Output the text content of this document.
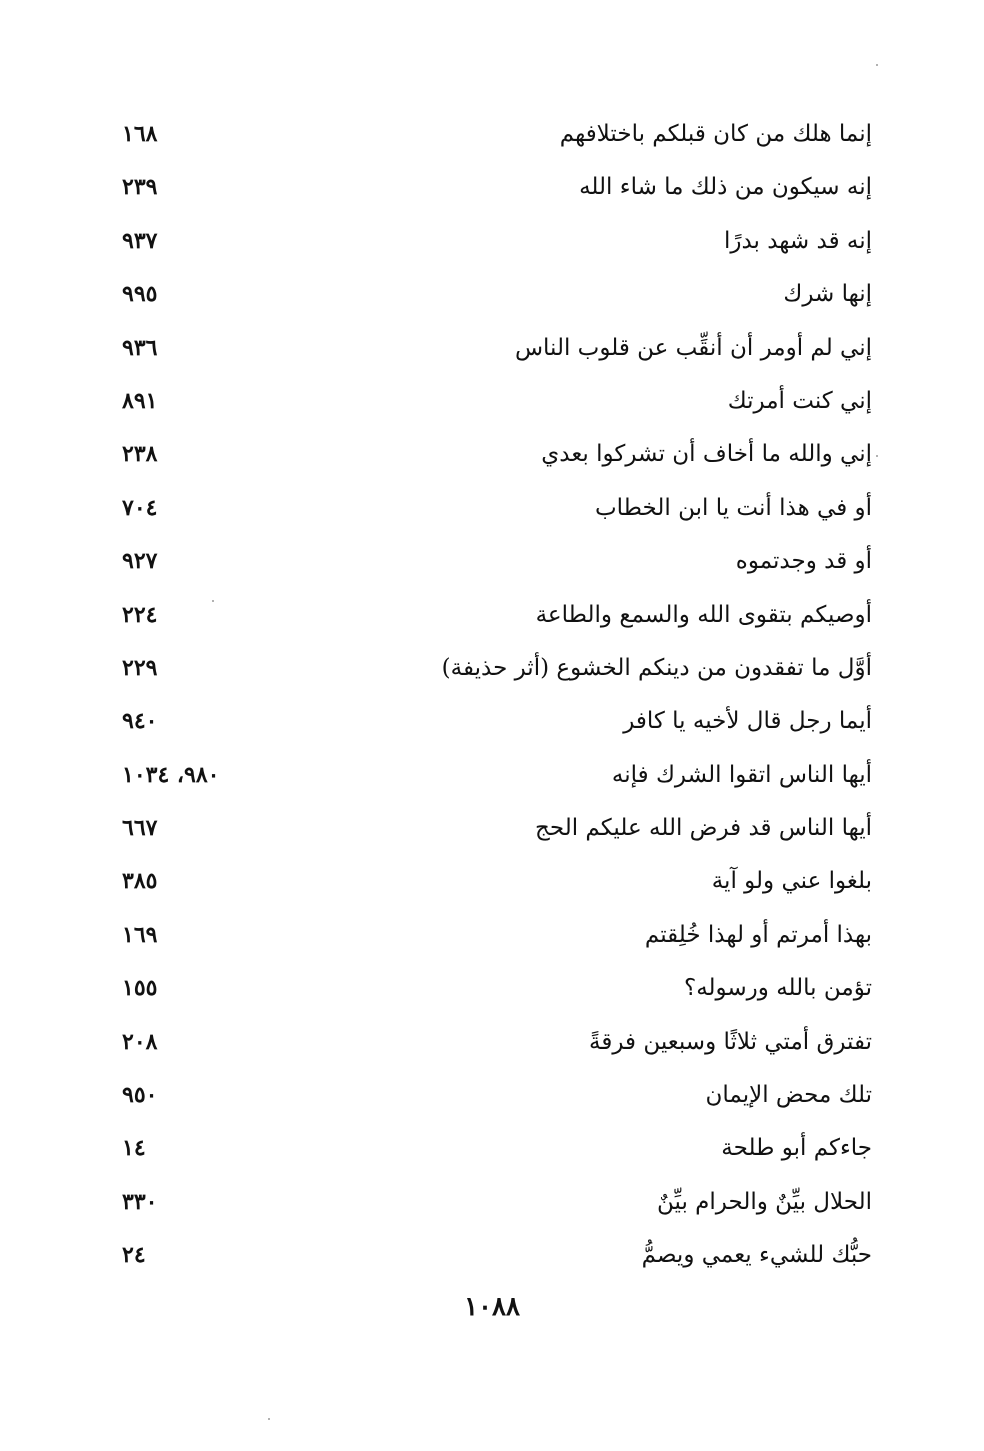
إنما هلك من كان قبلكم باختلافهم
١٦٨
إنه سيكون من ذلك ما شاء الله
٢٣٩
إنه قد شهد بدرًا
٩٣٧
إنها شرك
٩٩٥
إني لم أومر أن أنقِّب عن قلوب الناس
٩٣٦
إني كنت أمرتك
٨٩١
إني والله ما أخاف أن تشركوا بعدي
٢٣٨
أو في هذا أنت يا ابن الخطاب
٧٠٤
أو قد وجدتموه
٩٢٧
أوصيكم بتقوى الله والسمع والطاعة
٢٢٤
أوَّل ما تفقدون من دينكم الخشوع (أثر حذيفة)
٢٢٩
أيما رجل قال لأخيه يا كافر
٩٤٠
أيها الناس اتقوا الشرك فإنه
٩٨٠، ١٠٣٤
أيها الناس قد فرض الله عليكم الحج
٦٦٧
بلغوا عني ولو آية
٣٨٥
بهذا أمرتم أو لهذا خُلِقتم
١٦٩
تؤمن بالله ورسوله؟
١٥٥
تفترق أمتي ثلاثًا وسبعين فرقةً
٢٠٨
تلك محض الإيمان
٩٥٠
جاءكم أبو طلحة
١٤
الحلال بيِّنٌ والحرام بيِّنٌ
٣٣٠
حبُّك للشيء يعمي ويصمُّ
٢٤
١٠٨٨
